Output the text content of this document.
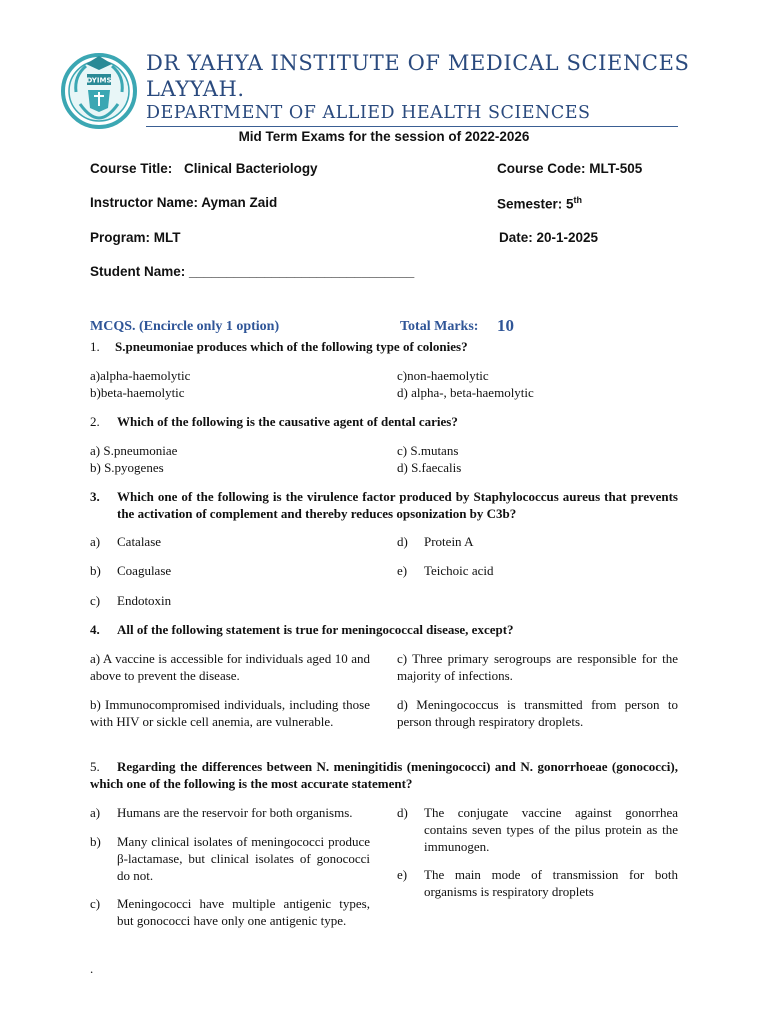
DYIMS
DR YAHYA INSTITUTE OF MEDICAL SCIENCES
LAYYAH.
DEPARTMENT OF ALLIED HEALTH SCIENCES
Mid Term Exams for the session of 2022-2026
Course Title: Clinical Bacteriology	Course Code: MLT-505
Instructor Name: Ayman Zaid	Semester: 5th
Program: MLT	Date: 20-1-2025
Student Name: ______________________________
MCQS. (Encircle only 1 option)	Total Marks: 10
1. S.pneumoniae produces which of the following type of colonies?
a)alpha-haemolytic
b)beta-haemolytic
c)non-haemolytic
d) alpha-, beta-haemolytic
2. Which of the following is the causative agent of dental caries?
a) S.pneumoniae
b) S.pyogenes
c) S.mutans
d) S.faecalis
3. Which one of the following is the virulence factor produced by Staphylococcus aureus that prevents the activation of complement and thereby reduces opsonization by C3b?
a) Catalase
b) Coagulase
c) Endotoxin
d) Protein A
e) Teichoic acid
4. All of the following statement is true for meningococcal disease, except?
a) A vaccine is accessible for individuals aged 10 and above to prevent the disease.
b) Immunocompromised individuals, including those with HIV or sickle cell anemia, are vulnerable.
c) Three primary serogroups are responsible for the majority of infections.
d) Meningococcus is transmitted from person to person through respiratory droplets.
5.	Regarding the differences between N. meningitidis (meningococci) and N. gonorrhoeae (gonococci), which one of the following is the most accurate statement?
a) Humans are the reservoir for both organisms.
b) Many clinical isolates of meningococci produce β-lactamase, but clinical isolates of gonococci do not.
c) Meningococci have multiple antigenic types, but gonococci have only one antigenic type.
d) The conjugate vaccine against gonorrhea contains seven types of the pilus protein as the immunogen.
e) The main mode of transmission for both organisms is respiratory droplets
.
